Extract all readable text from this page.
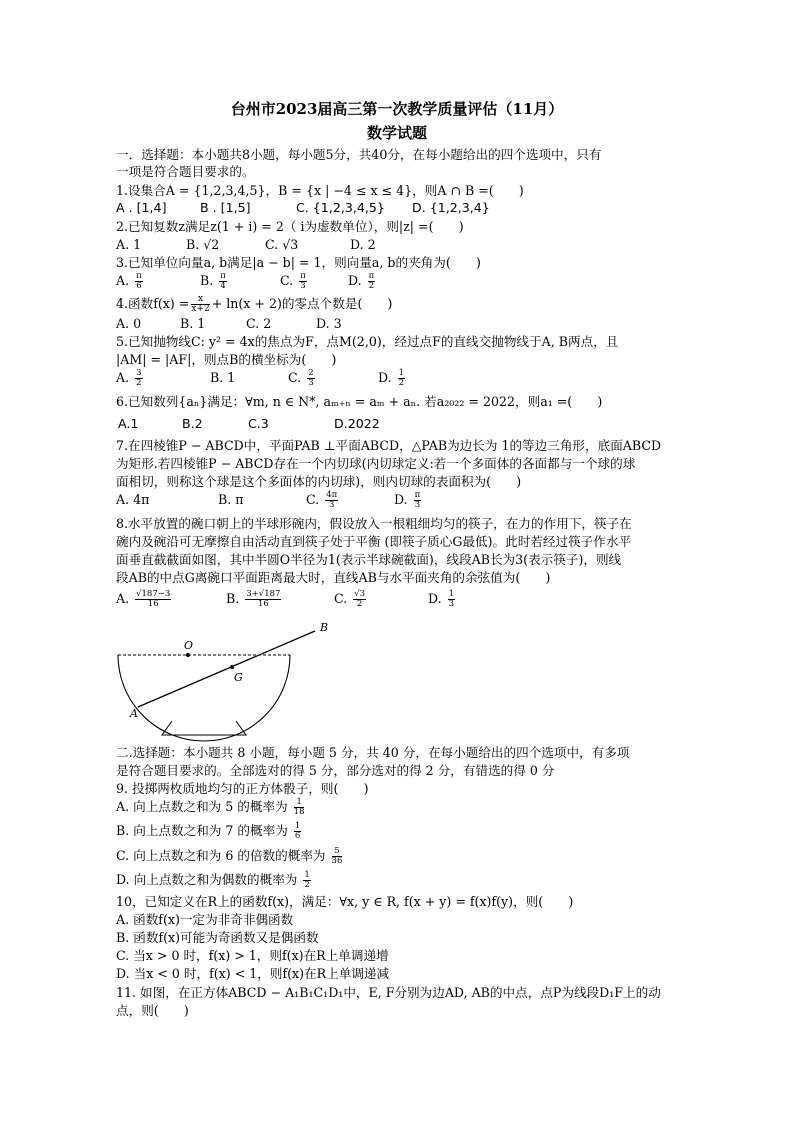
台州市2023届高三第一次教学质量评估（11月）
数学试题
一．选择题：本小题共8小题，每小题5分，共40分，在每小题给出的四个选项中，只有
一项是符合题目要求的。
1.设集合A = {1,2,3,4,5}，B = {x | −4 ≤ x ≤ 4}，则A ∩ B =(　　)
A . [1,4]	B . [1,5]	C. {1,2,3,4,5} D. {1,2,3,4}
2.已知复数z满足z(1 + i) = 2（ i为虚数单位），则|z| =(　　)
A. 1	B. √2	C. √3	D. 2
3.已知单位向量a, b满足|a − b| = 1，则向量a, b的夹角为(　　)
A. $\frac{\pi}{6}$	B. $\frac{\pi}{4}$	C. $\frac{\pi}{3}$	D. $\frac{\pi}{2}$
4.函数$f(x) = \frac{x}{x+2} + \ln(x + 2)$的零点个数是(　　)
A. 0	B. 1	C. 2	D. 3
5.已知抛物线C: y² = 4x的焦点为F，点M(2,0)，经过点F的直线交抛物线于A, B两点，且
|AM| = |AF|，则点B的横坐标为(　　)
A. $\frac{3}{2}$	B. 1	C. $\frac{2}{3}$	D. $\frac{1}{2}$
6.已知数列{aₙ}满足：∀m, n ∈ N*, aₘ₊ₙ = aₘ + aₙ. 若a₂₀₂₂ = 2022，则a₁ =(　　)
A.1	B.2	C.3	D.2022
7.在四棱锥P − ABCD中，平面PAB ⊥平面ABCD，△PAB为边长为 1的等边三角形，底面ABCD
为矩形.若四棱锥P − ABCD存在一个内切球(内切球定义:若一个多面体的各面都与一个球的球
面相切，则称这个球是这个多面体的内切球)，则内切球的表面积为(　　)
A. 4π	B. π	C. $\frac{4\pi}{3}$	D. $\frac{\pi}{3}$
8.水平放置的碗口朝上的半球形碗内，假设放入一根粗细均匀的筷子，在力的作用下，筷子在
碗内及碗沿可无摩擦自由活动直到筷子处于平衡 (即筷子质心G最低)。此时若经过筷子作水平
面垂直截截面如图，其中半圆O半径为1(表示半球碗截面)，线段AB长为3(表示筷子)，则线
段AB的中点G离碗口平面距离最大时，直线AB与水平面夹角的余弦值为(　　)
A. $\frac{√187-3}{16}$	B. $\frac{3+√187}{16}$	C. $\frac{√3}{2}$	D. $\frac{1}{3}$
O
G
A
B
二.选择题：本小题共 8 小题，每小题 5 分，共 40 分，在每小题给出的四个选项中，有多项
是符合题目要求的。全部选对的得 5 分，部分选对的得 2 分，有错选的得 0 分
9. 投掷两枚质地均匀的正方体骰子，则(　　)
A. 向上点数之和为 5 的概率为 $\frac{1}{18}$
B. 向上点数之和为 7 的概率为 $\frac{1}{6}$
C. 向上点数之和为 6 的倍数的概率为 $\frac{5}{36}$
D. 向上点数之和为偶数的概率为 $\frac{1}{2}$
10，已知定义在R上的函数f(x)，满足：∀x, y ∈ R, f(x + y) = f(x)f(y)，则(　　)
A. 函数f(x)一定为非奇非偶函数
B. 函数f(x)可能为奇函数又是偶函数
C. 当x > 0 时，f(x) > 1，则f(x)在R上单调递增
D. 当x < 0 时，f(x) < 1，则f(x)在R上单调递减
11. 如图，在正方体ABCD − A₁B₁C₁D₁中，E, F分别为边AD, AB的中点，点P为线段D₁F上的动
点，则(　　)
